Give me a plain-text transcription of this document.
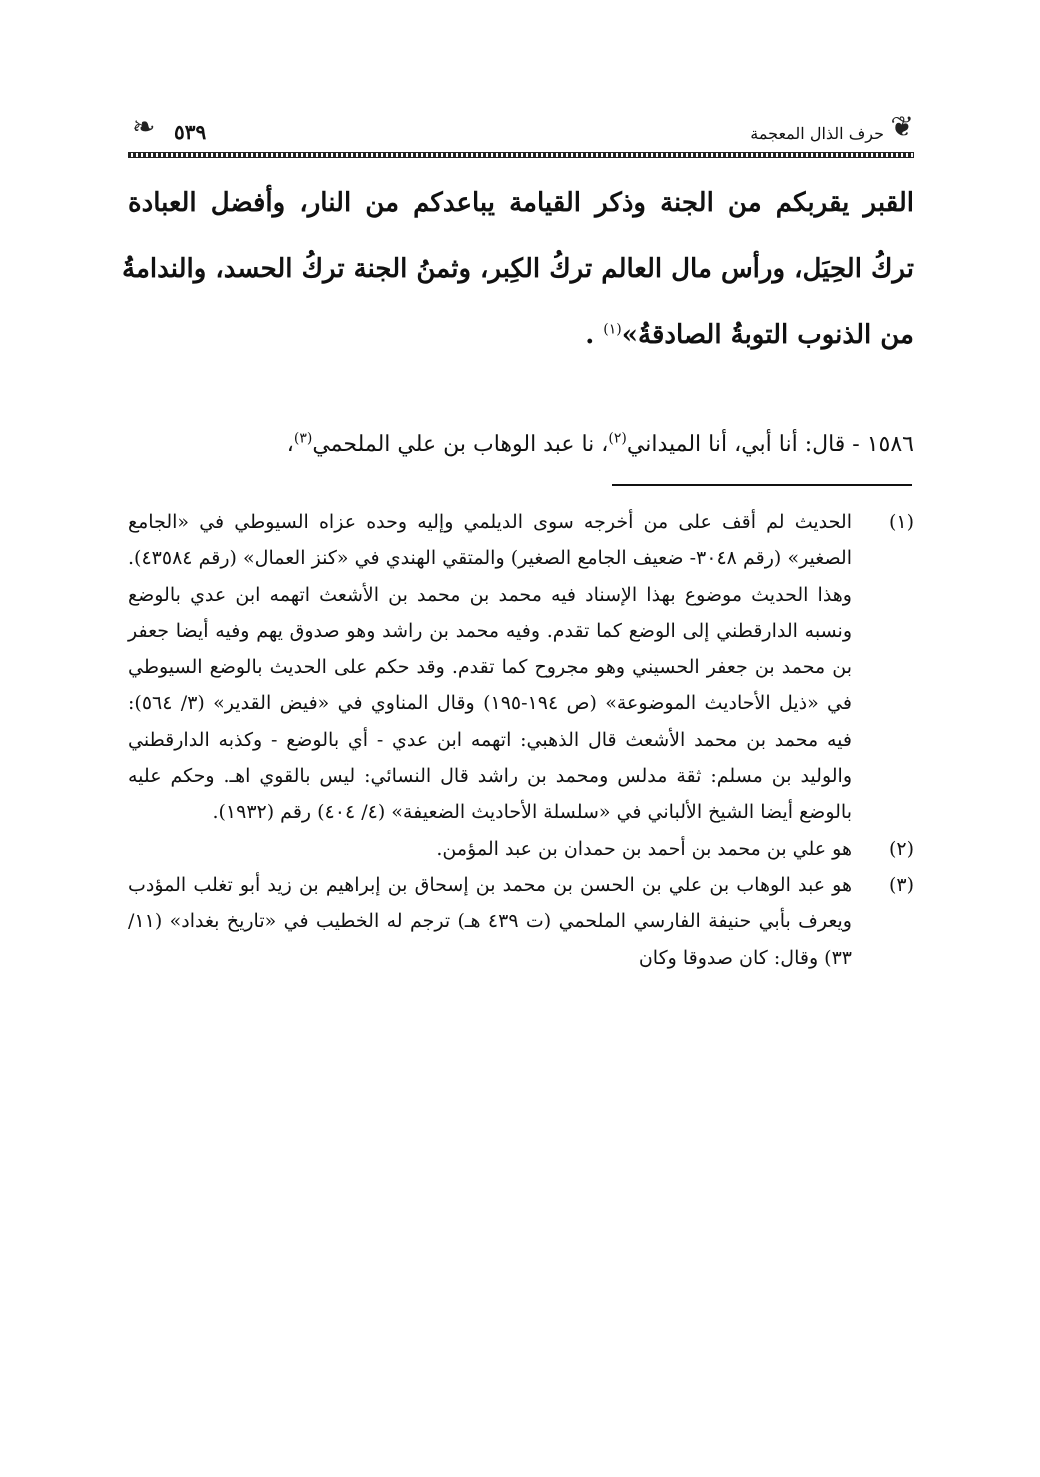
❦
حرف الذال المعجمة
٥٣٩
❧
القبر يقربكم من الجنة وذكر القيامة يباعدكم من النار، وأفضل العبادة
تركُ الحِيَل، ورأس مال العالم تركُ الكِبر، وثمنُ الجنة تركُ الحسد، والندامةُ
من الذنوب التوبةُ الصادقةُ»$^{(١)}$ .
١٥٨٦ - قال: أنا أبي، أنا الميداني$^{(٢)}$، نا عبد الوهاب بن علي الملحمي$^{(٣)}$،
(١)
الحديث لم أقف على من أخرجه سوى الديلمي وإليه وحده عزاه السيوطي في «الجامع الصغير» (رقم ٣٠٤٨- ضعيف الجامع الصغير) والمتقي الهندي في «كنز العمال» (رقم ٤٣٥٨٤). وهذا الحديث موضوع بهذا الإسناد فيه محمد بن محمد بن الأشعث اتهمه ابن عدي بالوضع ونسبه الدارقطني إلى الوضع كما تقدم. وفيه محمد بن راشد وهو صدوق يهم وفيه أيضا جعفر بن محمد بن جعفر الحسيني وهو مجروح كما تقدم. وقد حكم على الحديث بالوضع السيوطي في «ذيل الأحاديث الموضوعة» (ص ١٩٤-١٩٥) وقال المناوي في «فيض القدير» (٣/ ٥٦٤): فيه محمد بن محمد الأشعث قال الذهبي: اتهمه ابن عدي - أي بالوضع - وكذبه الدارقطني والوليد بن مسلم: ثقة مدلس ومحمد بن راشد قال النسائي: ليس بالقوي اهـ. وحكم عليه بالوضع أيضا الشيخ الألباني في «سلسلة الأحاديث الضعيفة» (٤/ ٤٠٤) رقم (١٩٣٢).
(٢)
هو علي بن محمد بن أحمد بن حمدان بن عبد المؤمن.
(٣)
هو عبد الوهاب بن علي بن الحسن بن محمد بن إسحاق بن إبراهيم بن زيد أبو تغلب المؤدب ويعرف بأبي حنيفة الفارسي الملحمي (ت ٤٣٩ هـ) ترجم له الخطيب في «تاريخ بغداد» (١١/ ٣٣) وقال: كان صدوقا وكان
